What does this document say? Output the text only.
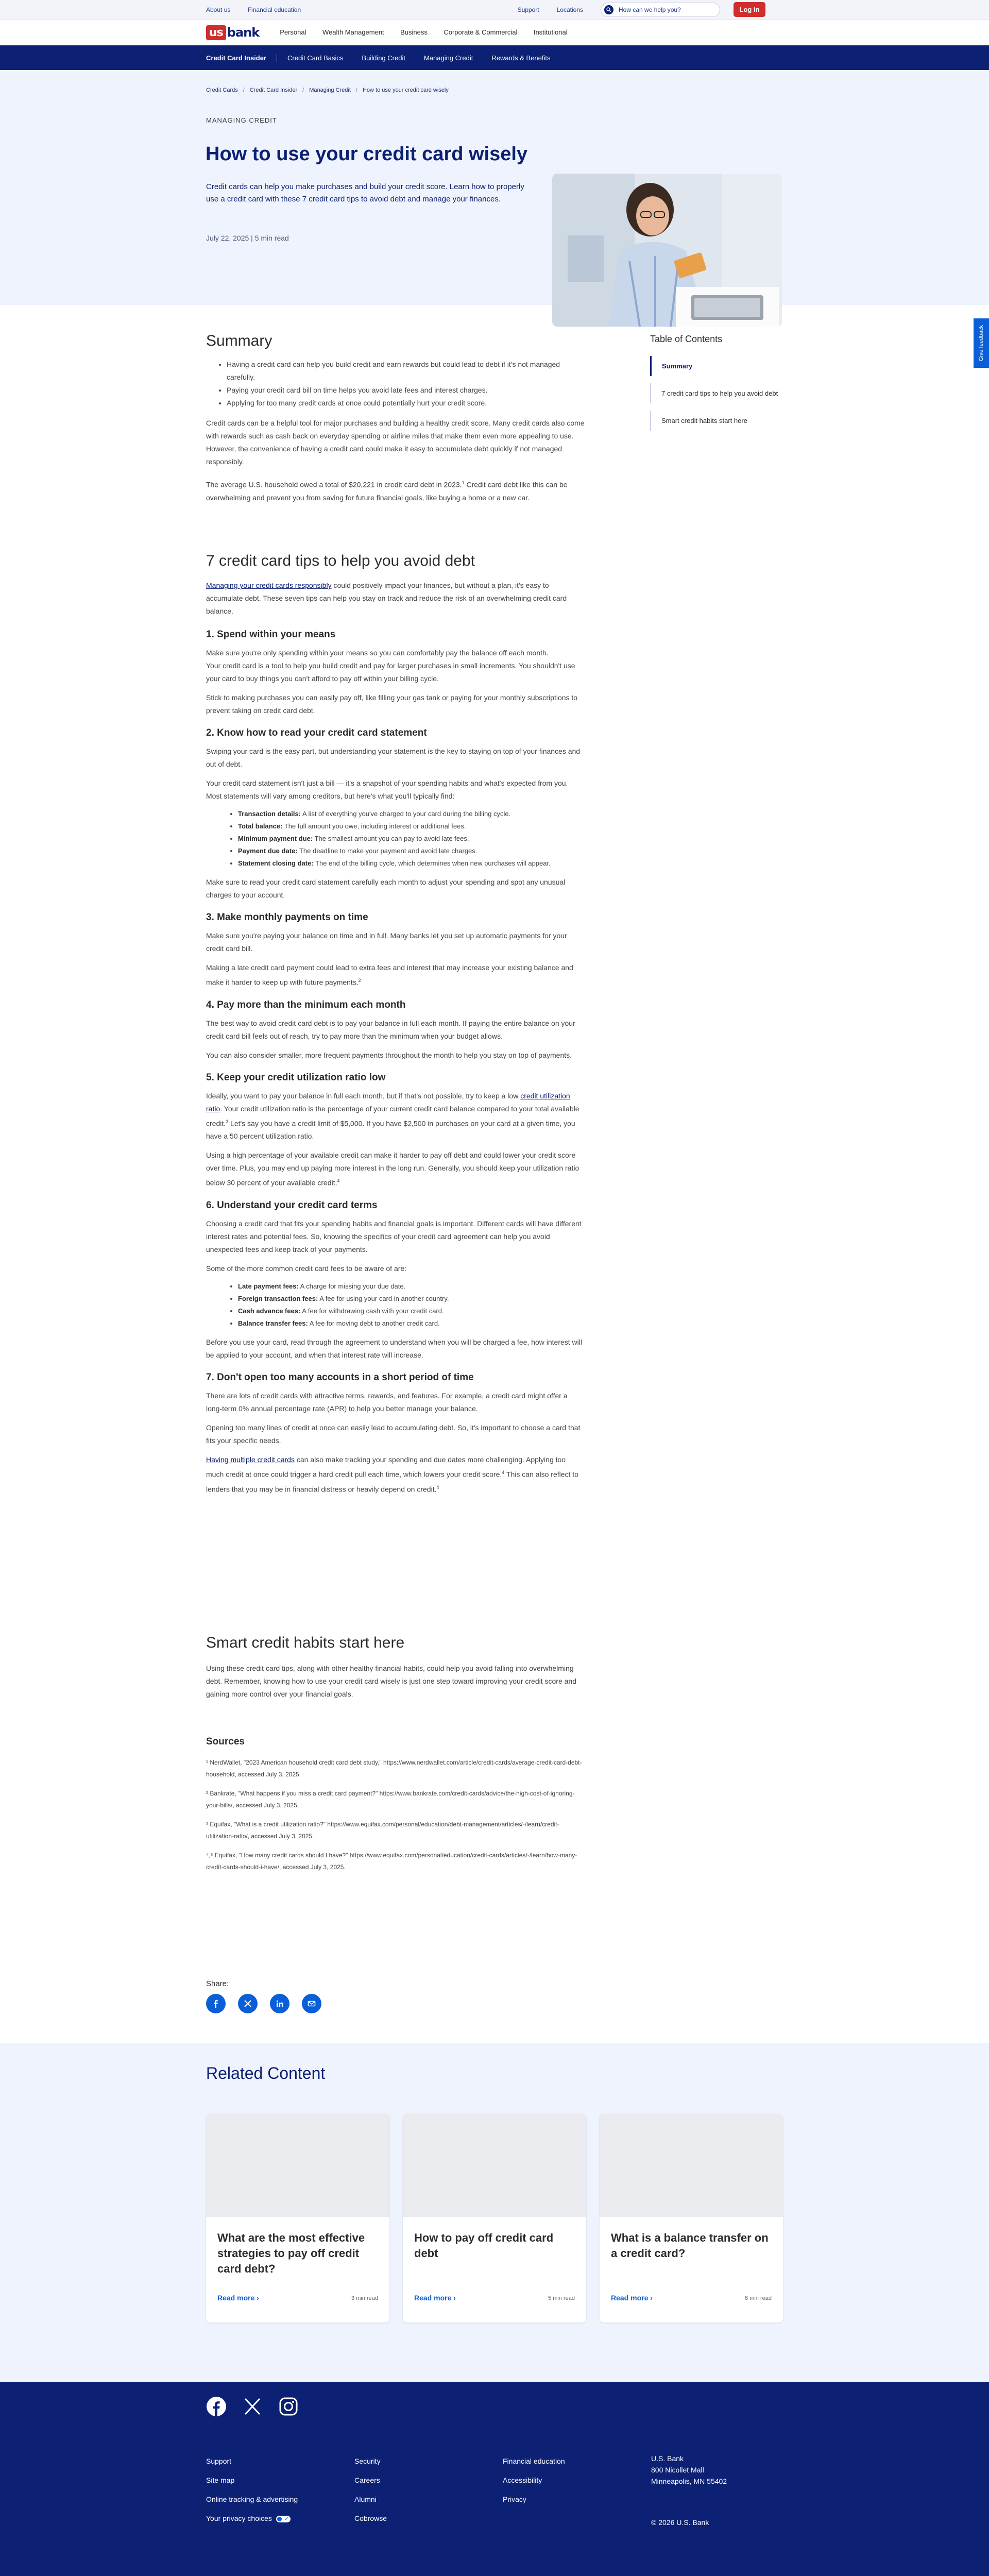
About us	Financial education	Support	Locations
How can we help you?	Log in
us bank	Personal Wealth Management Business Corporate & Commercial Institutional
Credit Card Insider	Credit Card Basics	Building Credit	Managing Credit	Rewards & Benefits
Credit Cards / Credit Card Insider / Managing Credit / How to use your credit card wisely
MANAGING CREDIT
How to use your credit card wisely

Credit cards can help you make purchases and build your credit score. Learn how to properly use a credit card with these 7 credit card tips to avoid debt and manage your finances.

July 22, 2025 | 5 min read
Give feedback
Table of Contents
Summary
7 credit card tips to help you avoid debt
Smart credit habits start here
Summary
• Having a credit card can help you build credit and earn rewards but could lead to debt if it's not managed carefully.
• Paying your credit card bill on time helps you avoid late fees and interest charges.
• Applying for too many credit cards at once could potentially hurt your credit score.

Credit cards can be a helpful tool for major purchases and building a healthy credit score. Many credit cards also come with rewards such as cash back on everyday spending or airline miles that make them even more appealing to use. However, the convenience of having a credit card could make it easy to accumulate debt quickly if not managed responsibly.

The average U.S. household owed a total of $20,221 in credit card debt in 2023.$^1$ Credit card debt like this can be overwhelming and prevent you from saving for future financial goals, like buying a home or a new car.

7 credit card tips to help you avoid debt

Managing your credit cards responsibly could positively impact your finances, but without a plan, it's easy to accumulate debt. These seven tips can help you stay on track and reduce the risk of an overwhelming credit card balance.

1. Spend within your means

Make sure you're only spending within your means so you can comfortably pay the balance off each month.

Your credit card is a tool to help you build credit and pay for larger purchases in small increments. You shouldn't use your card to buy things you can't afford to pay off within your billing cycle.

Stick to making purchases you can easily pay off, like filling your gas tank or paying for your monthly subscriptions to prevent taking on credit card debt.

2. Know how to read your credit card statement

Swiping your card is the easy part, but understanding your statement is the key to staying on top of your finances and out of debt.

Your credit card statement isn't just a bill — it's a snapshot of your spending habits and what's expected from you. Most statements will vary among creditors, but here's what you'll typically find:

• Transaction details: A list of everything you've charged to your card during the billing cycle.
• Total balance: The full amount you owe, including interest or additional fees.
• Minimum payment due: The smallest amount you can pay to avoid late fees.
• Payment due date: The deadline to make your payment and avoid late charges.
• Statement closing date: The end of the billing cycle, which determines when new purchases will appear.

Make sure to read your credit card statement carefully each month to adjust your spending and spot any unusual charges to your account.

3. Make monthly payments on time

Make sure you're paying your balance on time and in full. Many banks let you set up automatic payments for your credit card bill.

Making a late credit card payment could lead to extra fees and interest that may increase your existing balance and make it harder to keep up with future payments.$^2$

4. Pay more than the minimum each month

The best way to avoid credit card debt is to pay your balance in full each month. If paying the entire balance on your credit card bill feels out of reach, try to pay more than the minimum when your budget allows.

You can also consider smaller, more frequent payments throughout the month to help you stay on top of payments.

5. Keep your credit utilization ratio low

Ideally, you want to pay your balance in full each month, but if that's not possible, try to keep a low credit utilization ratio. Your credit utilization ratio is the percentage of your current credit card balance compared to your total available credit.$^3$ Let's say you have a credit limit of $5,000. If you have $2,500 in purchases on your card at a given time, you have a 50 percent utilization ratio.

Using a high percentage of your available credit can make it harder to pay off debt and could lower your credit score over time. Plus, you may end up paying more interest in the long run. Generally, you should keep your utilization ratio below 30 percent of your available credit.$^4$

6. Understand your credit card terms

Choosing a credit card that fits your spending habits and financial goals is important. Different cards will have different interest rates and potential fees. So, knowing the specifics of your credit card agreement can help you avoid unexpected fees and keep track of your payments.

Some of the more common credit card fees to be aware of are:

• Late payment fees: A charge for missing your due date.
• Foreign transaction fees: A fee for using your card in another country.
• Cash advance fees: A fee for withdrawing cash with your credit card.
• Balance transfer fees: A fee for moving debt to another credit card.

Before you use your card, read through the agreement to understand when you will be charged a fee, how interest will be applied to your account, and when that interest rate will increase.

7. Don't open too many accounts in a short period of time

There are lots of credit cards with attractive terms, rewards, and features. For example, a credit card might offer a long-term 0% annual percentage rate (APR) to help you better manage your balance.

Opening too many lines of credit at once can easily lead to accumulating debt. So, it's important to choose a card that fits your specific needs.

Having multiple credit cards can also make tracking your spending and due dates more challenging. Applying too much credit at once could trigger a hard credit pull each time, which lowers your credit score.$^4$ This can also reflect to lenders that you may be in financial distress or heavily depend on credit.$^4$

Smart credit habits start here

Using these credit card tips, along with other healthy financial habits, could help you avoid falling into overwhelming debt. Remember, knowing how to use your credit card wisely is just one step toward improving your credit score and gaining more control over your financial goals.

Sources

¹ NerdWallet, "2023 American household credit card debt study," https://www.nerdwallet.com/article/credit-cards/average-credit-card-debt-household, accessed July 3, 2025.

² Bankrate, "What happens if you miss a credit card payment?" https://www.bankrate.com/credit-cards/advice/the-high-cost-of-ignoring-your-bills/, accessed July 3, 2025.

³ Equifax, "What is a credit utilization ratio?" https://www.equifax.com/personal/education/debt-management/articles/-/learn/credit-utilization-ratio/, accessed July 3, 2025.

⁴,⁵ Equifax, "How many credit cards should I have?" https://www.equifax.com/personal/education/credit-cards/articles/-/learn/how-many-credit-cards-should-i-have/, accessed July 3, 2025.

Share:
Related Content
What are the most effective strategies to pay off credit card debt?
Read more ›	3 min read
How to pay off credit card debt
Read more ›	5 min read
What is a balance transfer on a credit card?
Read more ›	8 min read
Support
Site map
Online tracking & advertising
Your privacy choices ✓
Security
Careers
Alumni
Cobrowse
Financial education
Accessibility
Privacy
U.S. Bank
800 Nicollet Mall
Minneapolis, MN 55402
© 2026 U.S. Bank
